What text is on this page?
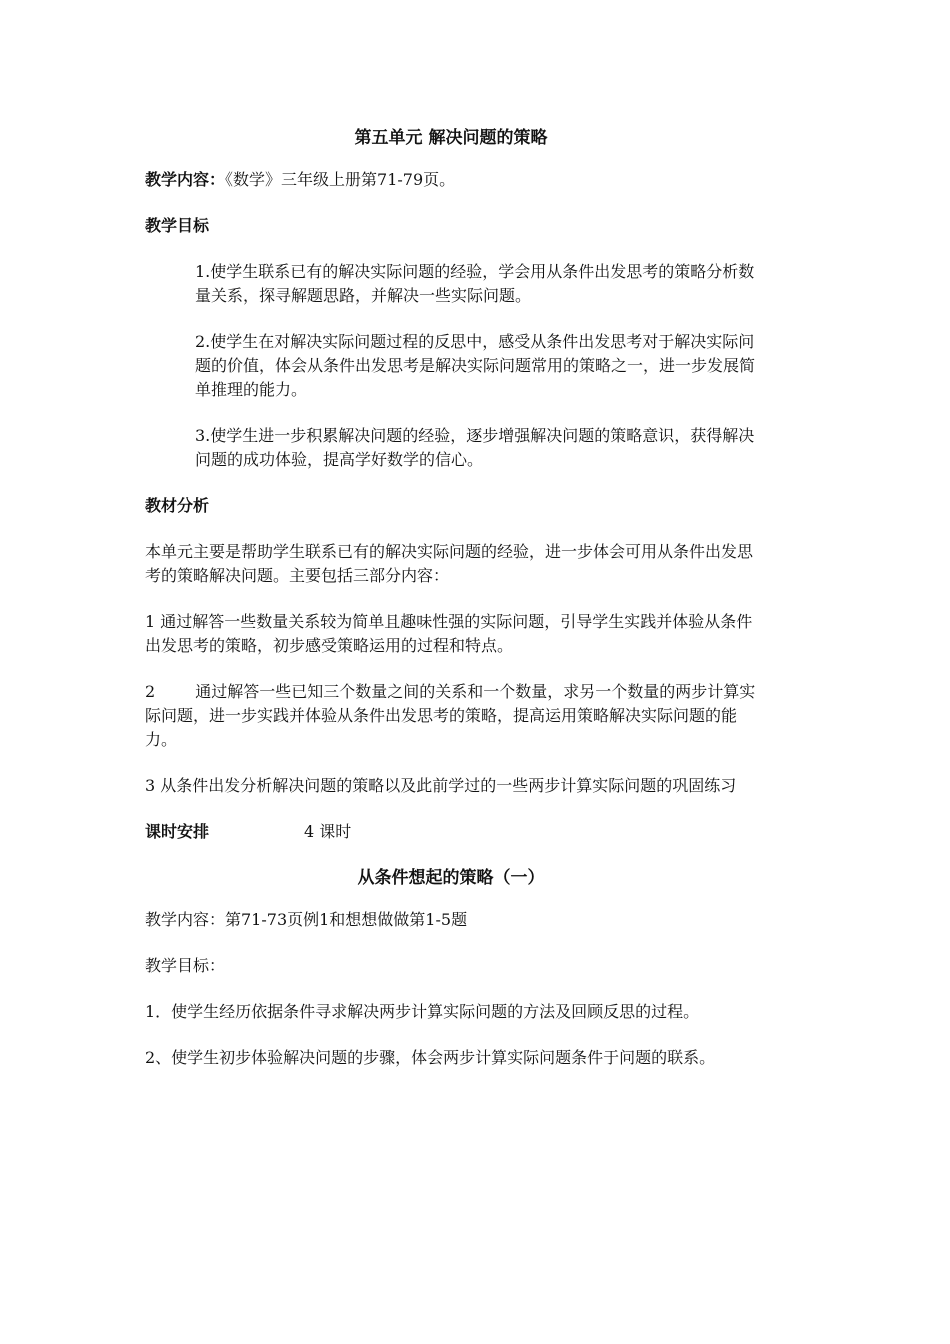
第五单元 解决问题的策略

教学内容：《数学》三年级上册第71-79页。

教学目标

1.使学生联系已有的解决实际问题的经验，学会用从条件出发思考的策略分析数量关系，探寻解题思路，并解决一些实际问题。

2.使学生在对解决实际问题过程的反思中，感受从条件出发思考对于解决实际问题的价值，体会从条件出发思考是解决实际问题常用的策略之一，进一步发展简单推理的能力。

3.使学生进一步积累解决问题的经验，逐步增强解决问题的策略意识，获得解决问题的成功体验，提高学好数学的信心。

教材分析

本单元主要是帮助学生联系已有的解决实际问题的经验，进一步体会可用从条件出发思考的策略解决问题。主要包括三部分内容：

1 通过解答一些数量关系较为简单且趣味性强的实际问题，引导学生实践并体验从条件出发思考的策略，初步感受策略运用的过程和特点。

2	通过解答一些已知三个数量之间的关系和一个数量，求另一个数量的两步计算实际问题，进一步实践并体验从条件出发思考的策略，提高运用策略解决实际问题的能力。

3 从条件出发分析解决问题的策略以及此前学过的一些两步计算实际问题的巩固练习

课时安排	4 课时

从条件想起的策略（一）

教学内容：第71-73页例1和想想做做第1-5题

教学目标：

1．使学生经历依据条件寻求解决两步计算实际问题的方法及回顾反思的过程。

2、使学生初步体验解决问题的步骤，体会两步计算实际问题条件于问题的联系。
